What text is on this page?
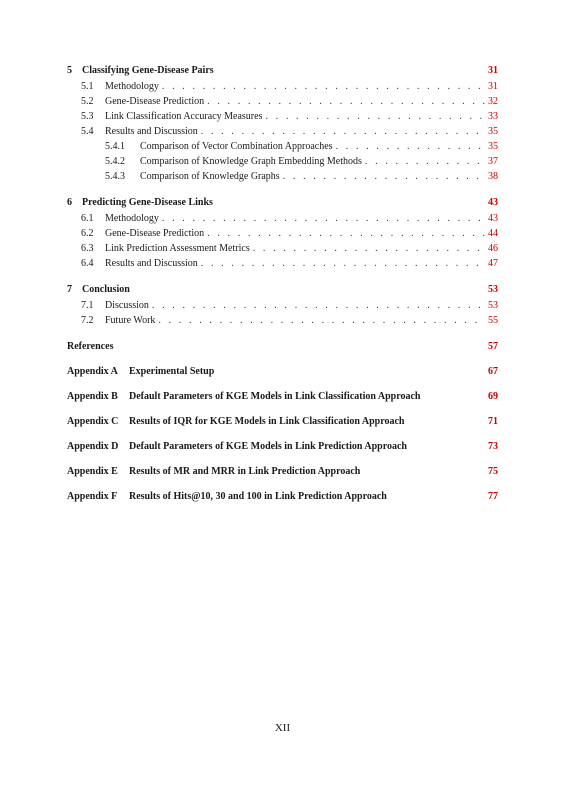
5	Classifying Gene-Disease Pairs	31
5.1	Methodology . . .	31
5.2	Gene-Disease Prediction . . .	32
5.3	Link Classification Accuracy Measures . . .	33
5.4	Results and Discussion . . .	35
5.4.1	Comparison of Vector Combination Approaches . . .	35
5.4.2	Comparison of Knowledge Graph Embedding Methods . . .	37
5.4.3	Comparison of Knowledge Graphs . . .	38
6	Predicting Gene-Disease Links	43
6.1	Methodology . . .	43
6.2	Gene-Disease Prediction . . .	44
6.3	Link Prediction Assessment Metrics . . .	46
6.4	Results and Discussion . . .	47
7	Conclusion	53
7.1	Discussion . . .	53
7.2	Future Work . . .	55
References	57
Appendix A	Experimental Setup	67
Appendix B	Default Parameters of KGE Models in Link Classification Approach	69
Appendix C	Results of IQR for KGE Models in Link Classification Approach	71
Appendix D	Default Parameters of KGE Models in Link Prediction Approach	73
Appendix E	Results of MR and MRR in Link Prediction Approach	75
Appendix F	Results of Hits@10, 30 and 100 in Link Prediction Approach	77
XII
